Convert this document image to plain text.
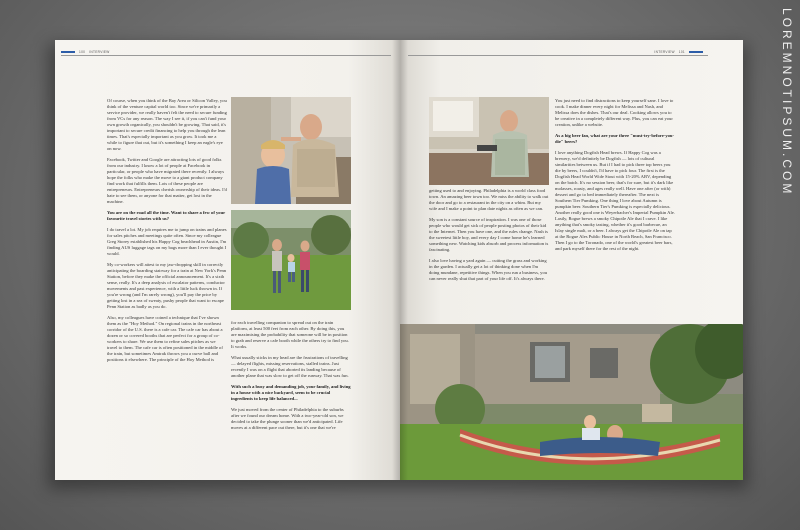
100 INTERVIEW

Of course, when you think of the Bay Area or Silicon Valley, you think of the venture capital world too. Since we're primarily a service provider, we really haven't felt the need to secure funding from VCs for any reason. The way I see it, if you can't fund your own growth organically, you shouldn't be growing. That said, it's important to secure credit financing to help you through the lean times. That's especially important as you grow. It took me a while to figure that out, but it's something I keep an eagle's eye on now.

Facebook, Twitter and Google are attracting lots of good folks from our industry. I know a lot of people at Facebook in particular, or people who have migrated there recently. I always hope the folks who make the move to a giant product company find work that fulfills them. Lots of these people are entrepreneurs. Entrepreneurs cherish ownership of their ideas. I'd hate to see them, or anyone for that matter, get lost in the machine.

You are on the road all the time. Want to share a few of your favourite travel stories with us?

I do travel a lot. My job requires me to jump on trains and planes for sales pitches and meetings quite often. Since my colleague Greg Storey established his Happy Cog beachhead in Austin, I'm finding AUS luggage tags on my bags more than I ever thought I would.

My co-workers will attest to my jaw-dropping skill in correctly anticipating the boarding stairway for a train at New York's Penn Station, before they make the official announcement. It's a sixth sense, really. It's a deep analysis of escalator patterns, conductor movements and past experience, with a little luck thrown in. If you're wrong (and I'm rarely wrong), you'll pay the price by getting lost in a sea of sweaty, pushy people that want to escape Penn Station as badly as you do.

Also, my colleagues have coined a technique that I've shown them as the "Hoy Method." On regional trains in the northeast corridor of the U.S. there is a cafe car. The cafe car has about a dozen or so covered booths that are perfect for a group of co-workers to share. We use them to refine sales pitches as we travel to them. The cafe car is often positioned in the middle of the train, but sometimes Amtrak throws you a curve ball and positions it elsewhere. The principle of the Hoy Method is

for each travelling companion to spread out on the train platform, at least 500 feet from each other. By doing this, you are maximising the probability that someone will be in position to grab and reserve a cafe booth while the others try to find you. It works.

What usually sticks in my head are the frustrations of travelling — delayed flights, missing reservations, stalled trains. Just recently I was on a flight that aborted its landing because of another plane that was slow to get off the runway. That was fun.

With such a busy and demanding job, your family, and living in a house with a nice backyard, seem to be crucial ingredients to keep life balanced...

We just moved from the center of Philadelphia to the suburbs after we found our dream home. With a two-year-old son, we decided to take the plunge sooner than we'd anticipated. Life moves at a different pace out there, but it's one that we're

INTERVIEW 101

getting used to and enjoying. Philadelphia is a world class food town. An amazing beer town too. We miss the ability to walk out the door and go to a restaurant in the city on a whim. But my wife and I make a point to plan date nights as often as we can.

My son is a constant source of inspiration. I was one of those people who would get sick of people posting photos of their kid to the Internet. Then you have one, and the rules change. Nash is the sweetest little boy, and every day I come home he's learned something new. Watching kids absorb and process information is fascinating.

I also love having a yard again — cutting the grass and working in the garden. I actually get a lot of thinking done when I'm doing mundane, repetitive things. When you run a business, you can never really shut that part of your life off. It's always there.

You just need to find distractions to keep yourself sane. I love to cook. I make dinner every night for Melissa and Nash, and Melissa does the dishes. That's our deal. Cooking allows you to be creative in a completely different way. Plus, you can eat your creation, unlike a website.

As a big beer fan, what are your three "must-try-before-you-die" beers?

I love anything Dogfish Head brews. If Happy Cog was a brewery, we'd definitely be Dogfish — lots of cultural similarities between us. But if I had to pick three top beers you die by beers, I couldn't, I'd have to pick four. The first is the Dogfish Head World Wide Stout with 15-20% ABV, depending on the batch. It's no session beer, that's for sure, but it's dark like molasses, roasty, and ages really well. Have one after (or with) dessert and go to bed immediately thereafter. The next is Southern Tier Pumking. One thing I love about Autumn is pumpkin beer. Southern Tier's Pumking is especially delicious. Another really good one is Weyerbacher's Imperial Pumpkin Ale. Lastly, Rogue brews a smoky Chipotle Ale that I crave. I like anything that's smoky tasting, whether it's good barbecue, an Islay single malt, or a beer. I always get the Chipotle Ale on tap at the Rogue Ales Public House in North Beach, San Francisco. Then I go to the Toronado, one of the world's greatest beer bars, and park myself there for the rest of the night.

LOREMNOTIPSUM.COM
